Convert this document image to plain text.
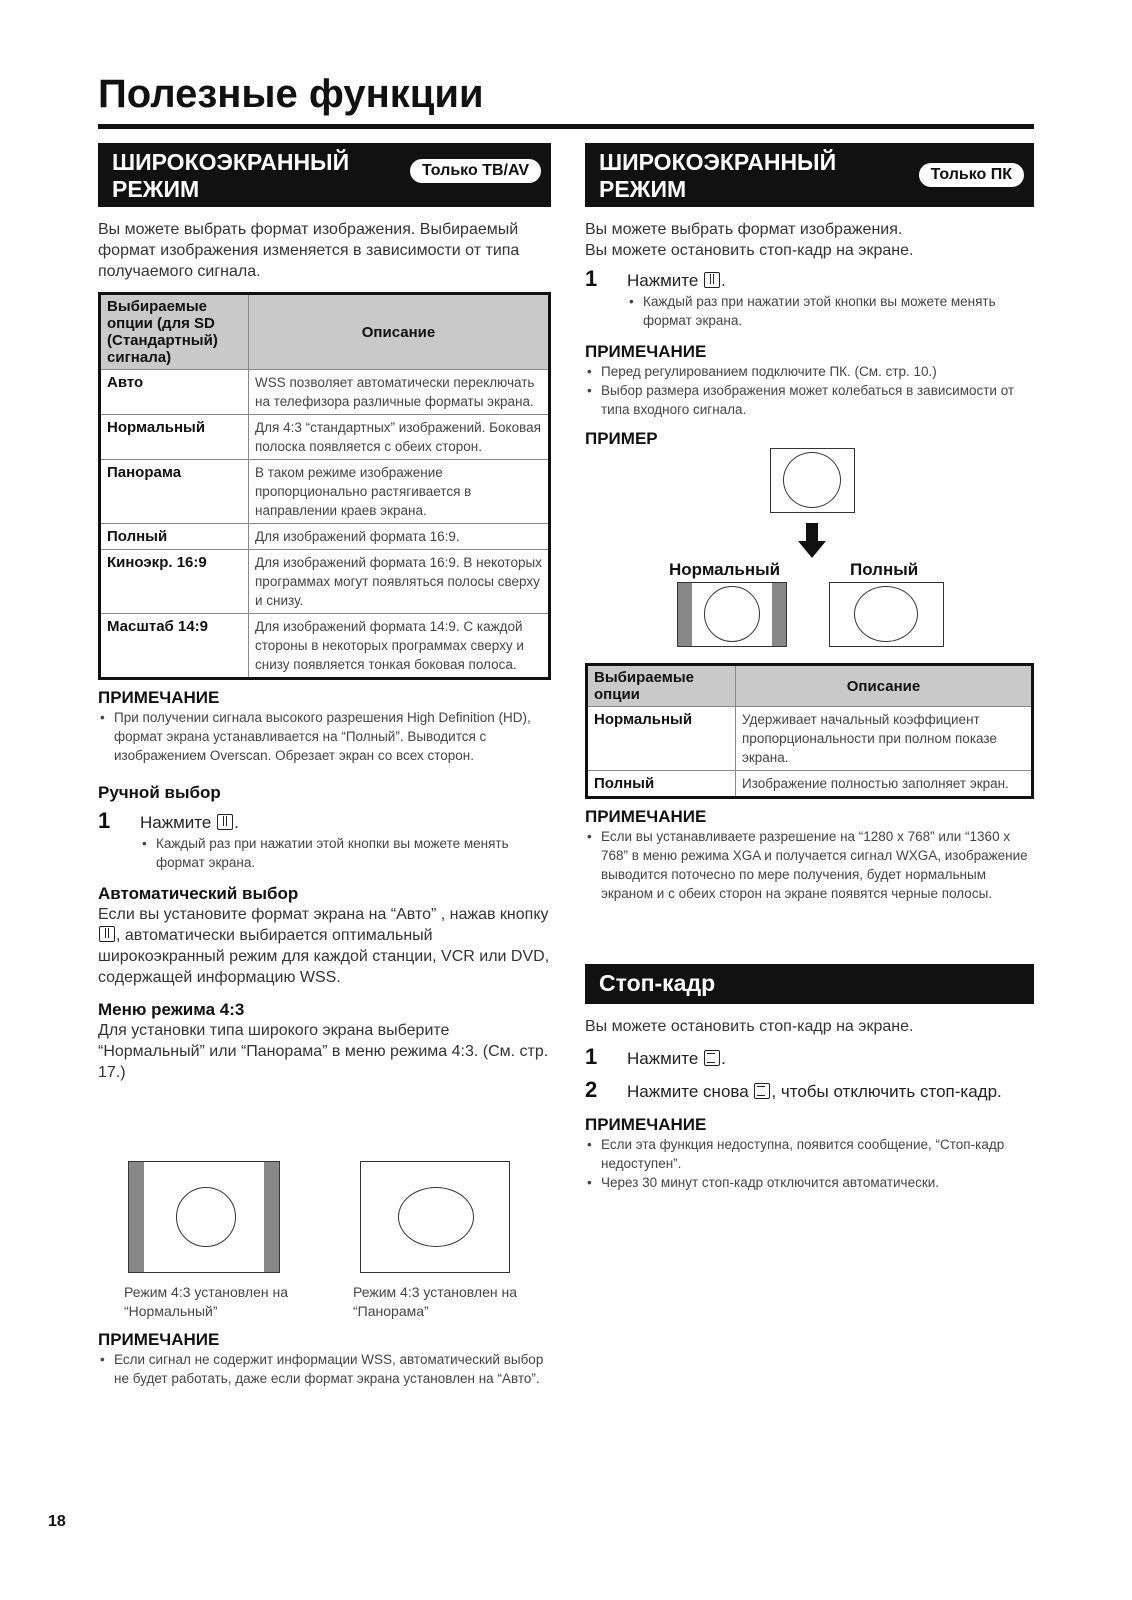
Полезные функции
ШИРОКОЭКРАННЫЙ РЕЖИМ
Только ТВ/AV

Вы можете выбрать формат изображения. Выбираемый формат изображения изменяется в зависимости от типа получаемого сигнала.

Выбираемые опции (для SD (Стандартный) сигнала)	Описание
Авто	WSS позволяет автоматически переключать на телефизора различные форматы экрана.
Нормальный	Для 4:3 “стандартных” изображений. Боковая полоска появляется с обеих сторон.
Панорама	В таком режиме изображение пропорционально растягивается в направлении краев экрана.
Полный	Для изображений формата 16:9.
Киноэкр. 16:9	Для изображений формата 16:9. В некоторых программах могут появляться полосы сверху и снизу.
Масштаб 14:9	Для изображений формата 14:9. С каждой стороны в некоторых программах сверху и снизу появляется тонкая боковая полоса.

ПРИМЕЧАНИЕ

• При получении сигнала высокого разрешения High Definition (HD), формат экрана устанавливается на “Полный”. Выводится с изображением Overscan. Обрезает экран со всех сторон.

Ручной выбор

1 Нажмите .
• Каждый раз при нажатии этой кнопки вы можете менять формат экрана.

Автоматический выбор

Если вы установите формат экрана на “Авто” , нажав кнопку , автоматически выбирается оптимальный широкоэкранный режим для каждой станции, VCR или DVD, содержащей информацию WSS.

Меню режима 4:3

Для установки типа широкого экрана выберите “Нормальный” или “Панорама” в меню режима 4:3. (См. стр. 17.)

Режим 4:3 установлен на “Нормальный”
Режим 4:3 установлен на “Панорама”

ПРИМЕЧАНИЕ

• Если сигнал не содержит информации WSS, автоматический выбор не будет работать, даже если формат экрана установлен на “Авто”.
ШИРОКОЭКРАННЫЙ РЕЖИМ
Только ПК

Вы можете выбрать формат изображения.

Вы можете остановить стоп-кадр на экране.

1 Нажмите .
• Каждый раз при нажатии этой кнопки вы можете менять формат экрана.

ПРИМЕЧАНИЕ

• Перед регулированием подключите ПК. (См. стр. 10.)
• Выбор размера изображения может колебаться в зависимости от типа входного сигнала.

ПРИМЕР

Нормальный	Полный
Выбираемые опции	Описание
Нормальный	Удерживает начальный коэффициент пропорциональности при полном показе экрана.
Полный	Изображение полностью заполняет экран.

ПРИМЕЧАНИЕ

• Если вы устанавливаете разрешение на “1280 x 768” или “1360 x 768” в меню режима XGA и получается сигнал WXGA, изображение выводится поточесно по мере получения, будет нормальным экраном и с обеих сторон на экране появятся черные полосы.
Стоп-кадр

Вы можете остановить стоп-кадр на экране.

1 Нажмите .
2 Нажмите снова , чтобы отключить стоп-кадр.

ПРИМЕЧАНИЕ

• Если эта функция недоступна, появится сообщение, “Стоп-кадр недоступен”.
• Через 30 минут стоп-кадр отключится автоматически.
18
